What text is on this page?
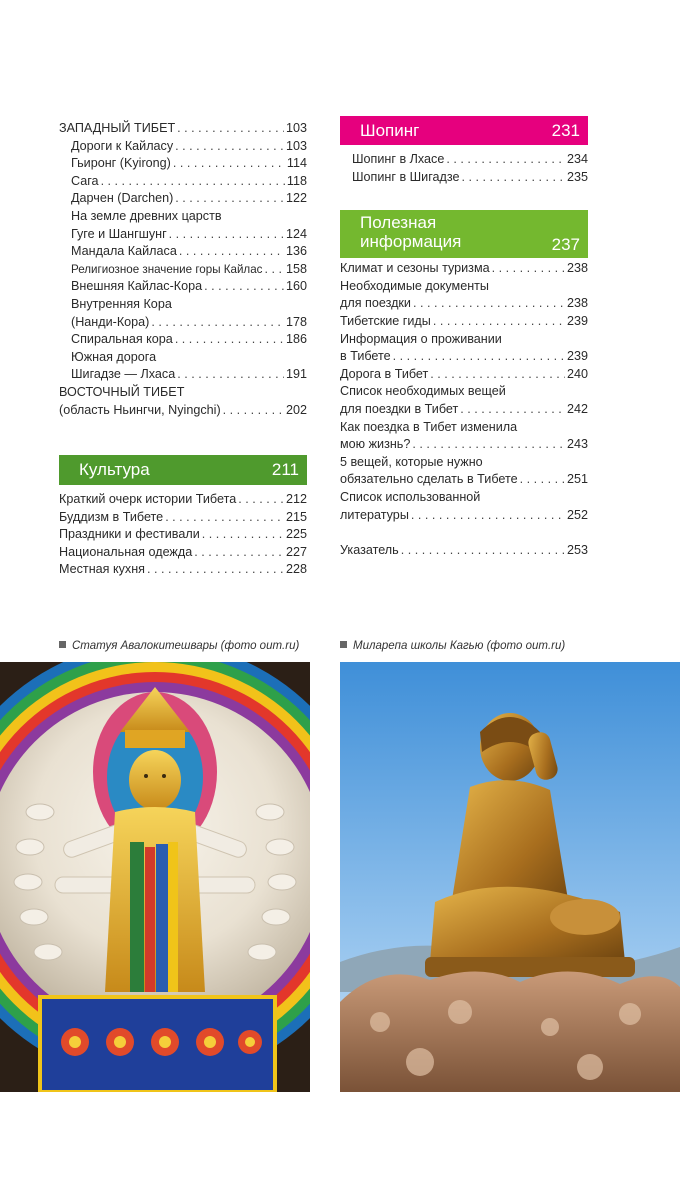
ЗАПАДНЫЙ ТИБЕТ . . .	103
Дороги к Кайласу . . .	103
Гьиронг (Kyirong) . . .	114
Сага . . .	118
Дарчен (Darchen) . . .	122
На земле древних царств
Гуге и Шангшунг . . .	124
Мандала Кайласа . . .	136
Религиозное значение горы Кайлас . . . 158
Внешняя Кайлас-Кора . . .	160
Внутренняя Кора
(Нанди-Кора) . . .	178
Спиральная кора . . .	186
Южная дорога
Шигадзе — Лхаса . . .	191
ВОСТОЧНЫЙ ТИБЕТ
(область Ньингчи, Nyingchi) . . .	202
Культура	211
Краткий очерк истории Тибета . . .	212
Буддизм в Тибете . . .	215
Праздники и фестивали . . .	225
Национальная одежда . . .	227
Местная кухня . . .	228
Шопинг	231
Шопинг в Лхасе . . .	234
Шопинг в Шигадзе . . .	235
Полезная
информация	237
Климат и сезоны туризма . . .	238
Необходимые документы
для поездки . . .	238
Тибетские гиды . . .	239
Информация о проживании
в Тибете . . .	239
Дорога в Тибет . . .	240
Список необходимых вещей
для поездки в Тибет . . .	242
Как поездка в Тибет изменила
мою жизнь? . . .	243
5 вещей, которые нужно
обязательно сделать в Тибете . . .	251
Список использованной
литературы . . .	252
Указатель . . .	253
Статуя Авалокитешвары (фото oum.ru)	Миларепа школы Кагью (фото oum.ru)
